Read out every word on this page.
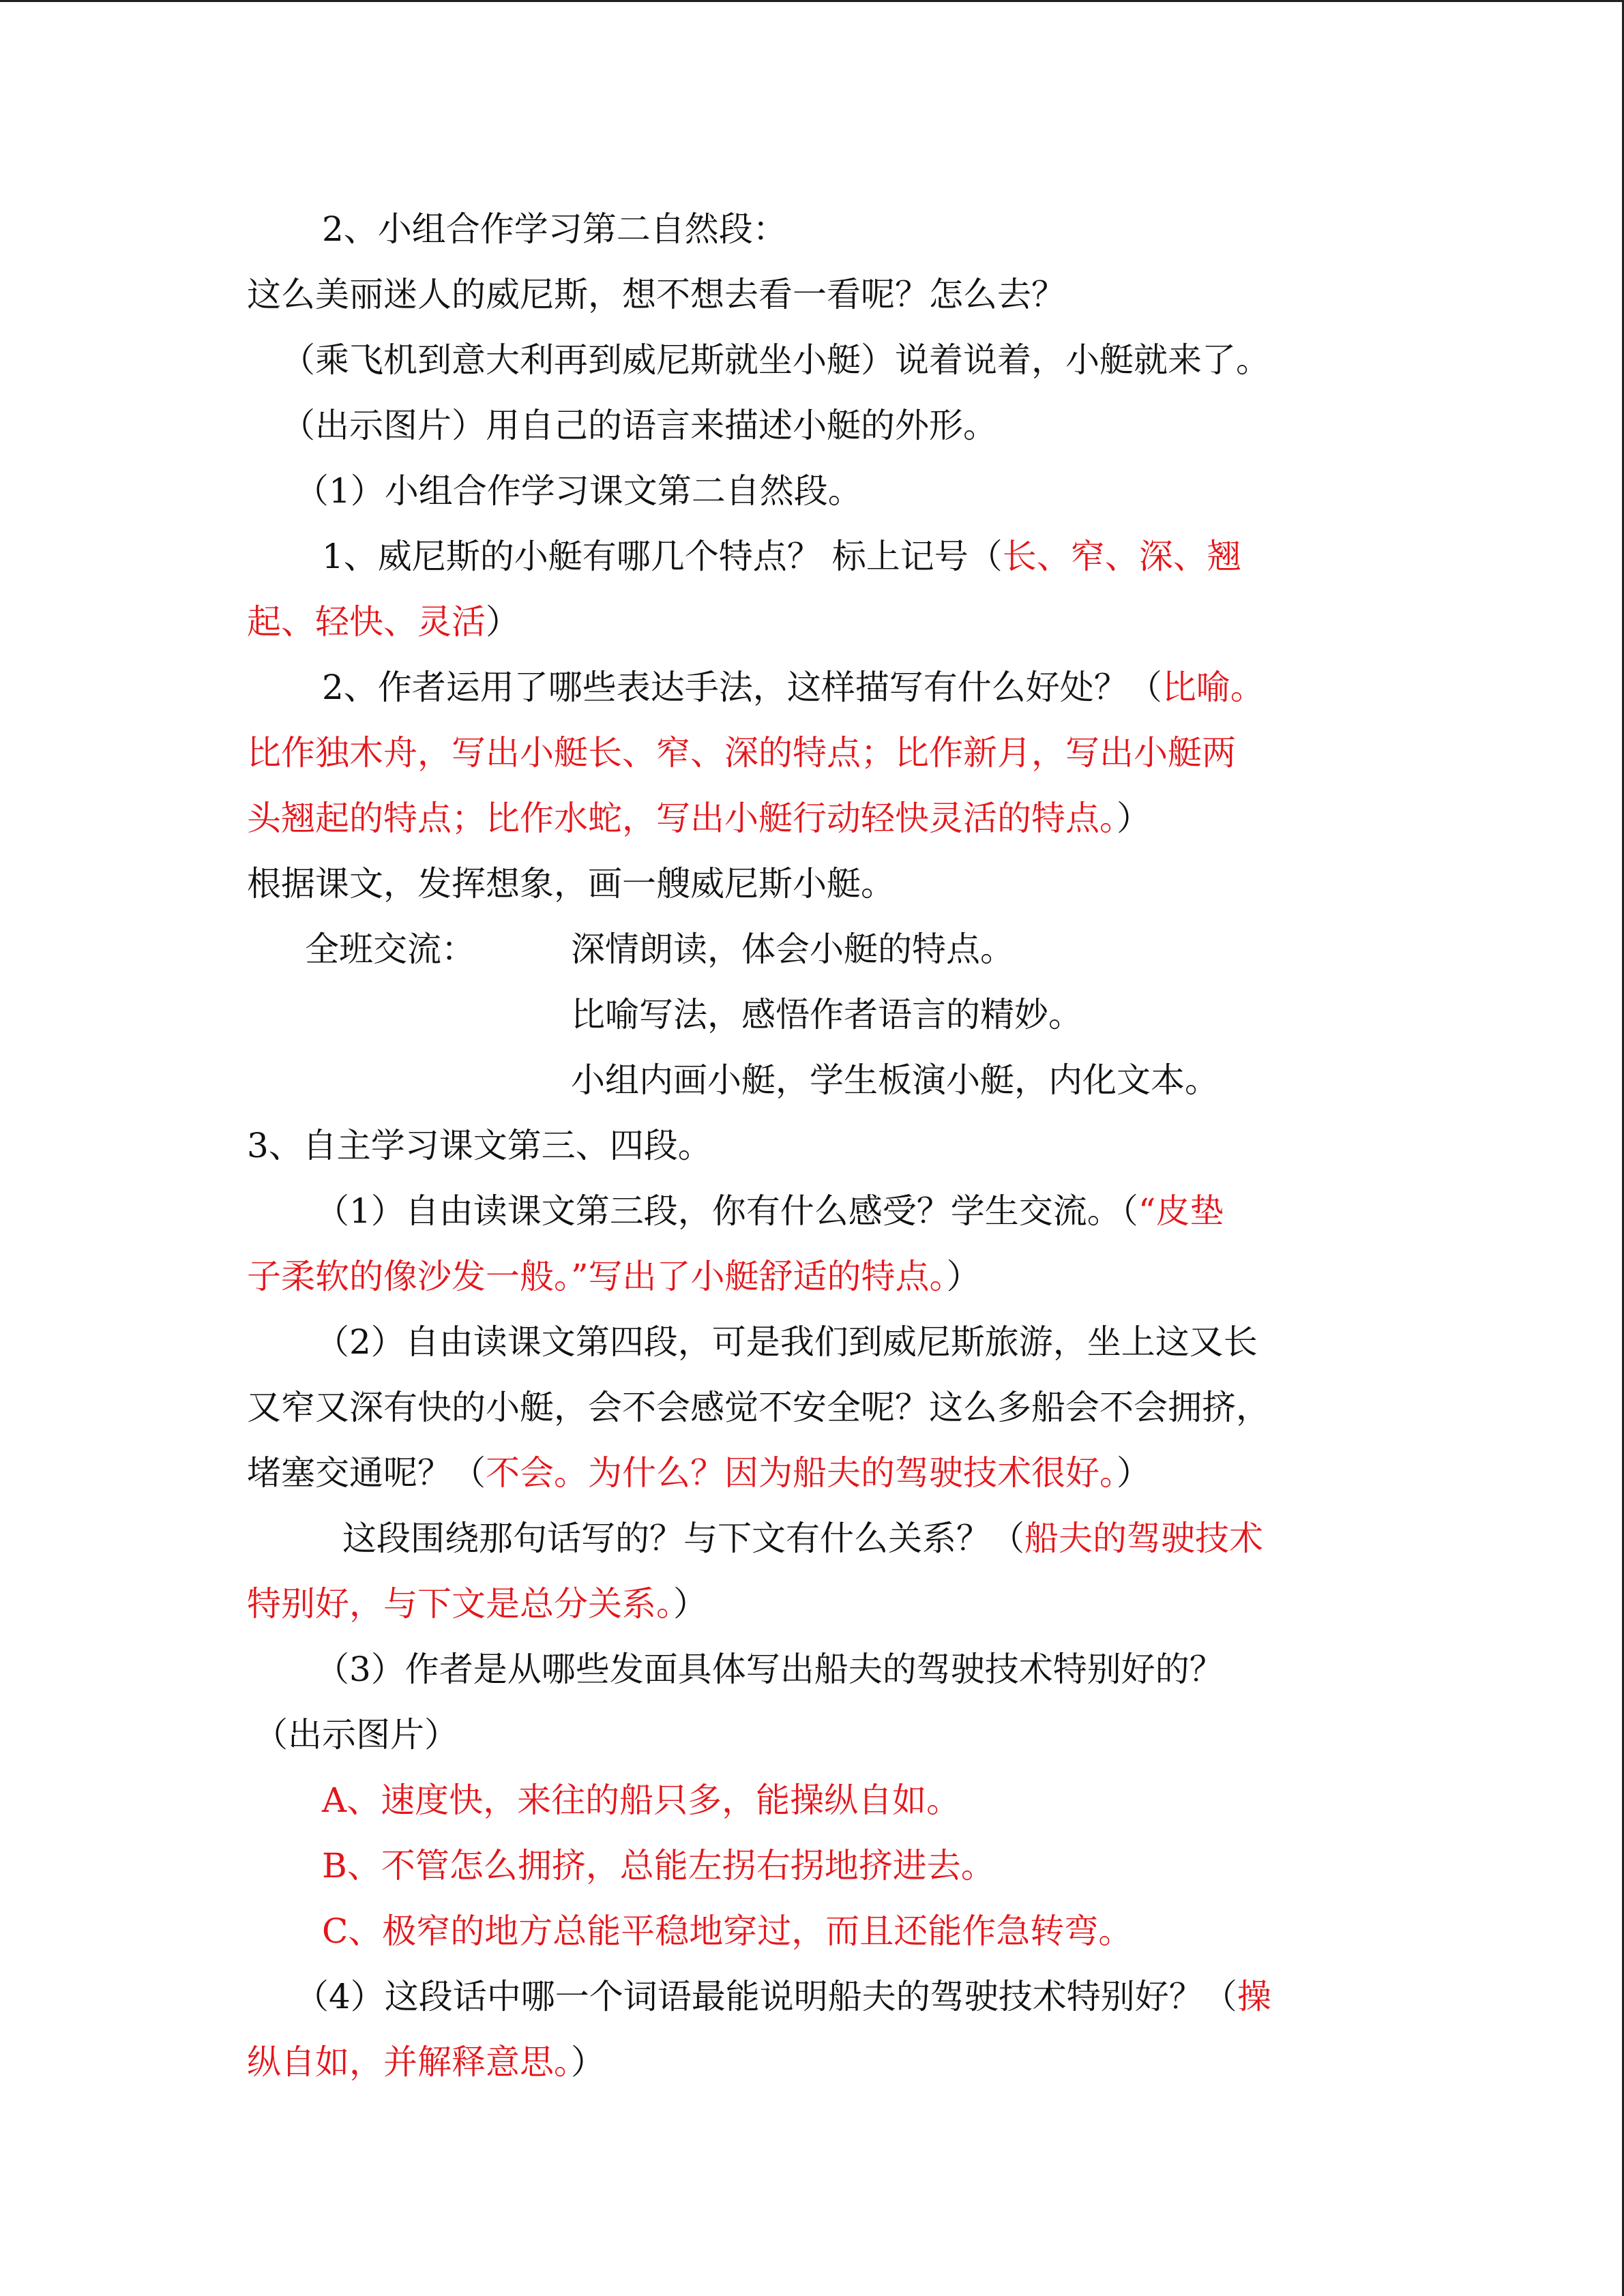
2、小组合作学习第二自然段：
这么美丽迷人的威尼斯，想不想去看一看呢？怎么去？
（乘飞机到意大利再到威尼斯就坐小艇）说着说着，小艇就来了。
（出示图片）用自己的语言来描述小艇的外形。
（1）小组合作学习课文第二自然段。
1、威尼斯的小艇有哪几个特点？ 标上记号（长、窄、深、翘
起、轻快、灵活）
2、作者运用了哪些表达手法，这样描写有什么好处？（比喻。
比作独木舟，写出小艇长、窄、深的特点；比作新月，写出小艇两
头翘起的特点；比作水蛇，写出小艇行动轻快灵活的特点。）
根据课文，发挥想象，画一艘威尼斯小艇。
全班交流：	深情朗读，体会小艇的特点。
比喻写法，感悟作者语言的精妙。
小组内画小艇，学生板演小艇，内化文本。
3、自主学习课文第三、四段。
（1）自由读课文第三段，你有什么感受？学生交流。（“皮垫
子柔软的像沙发一般。”写出了小艇舒适的特点。）
（2）自由读课文第四段，可是我们到威尼斯旅游，坐上这又长
又窄又深有快的小艇，会不会感觉不安全呢？这么多船会不会拥挤，
堵塞交通呢？（不会。为什么？因为船夫的驾驶技术很好。）
这段围绕那句话写的？与下文有什么关系？（船夫的驾驶技术
特别好，与下文是总分关系。）
（3）作者是从哪些发面具体写出船夫的驾驶技术特别好的？
（出示图片）
A、速度快，来往的船只多，能操纵自如。
B、不管怎么拥挤，总能左拐右拐地挤进去。
C、极窄的地方总能平稳地穿过，而且还能作急转弯。
（4）这段话中哪一个词语最能说明船夫的驾驶技术特别好？（操
纵自如，并解释意思。）
